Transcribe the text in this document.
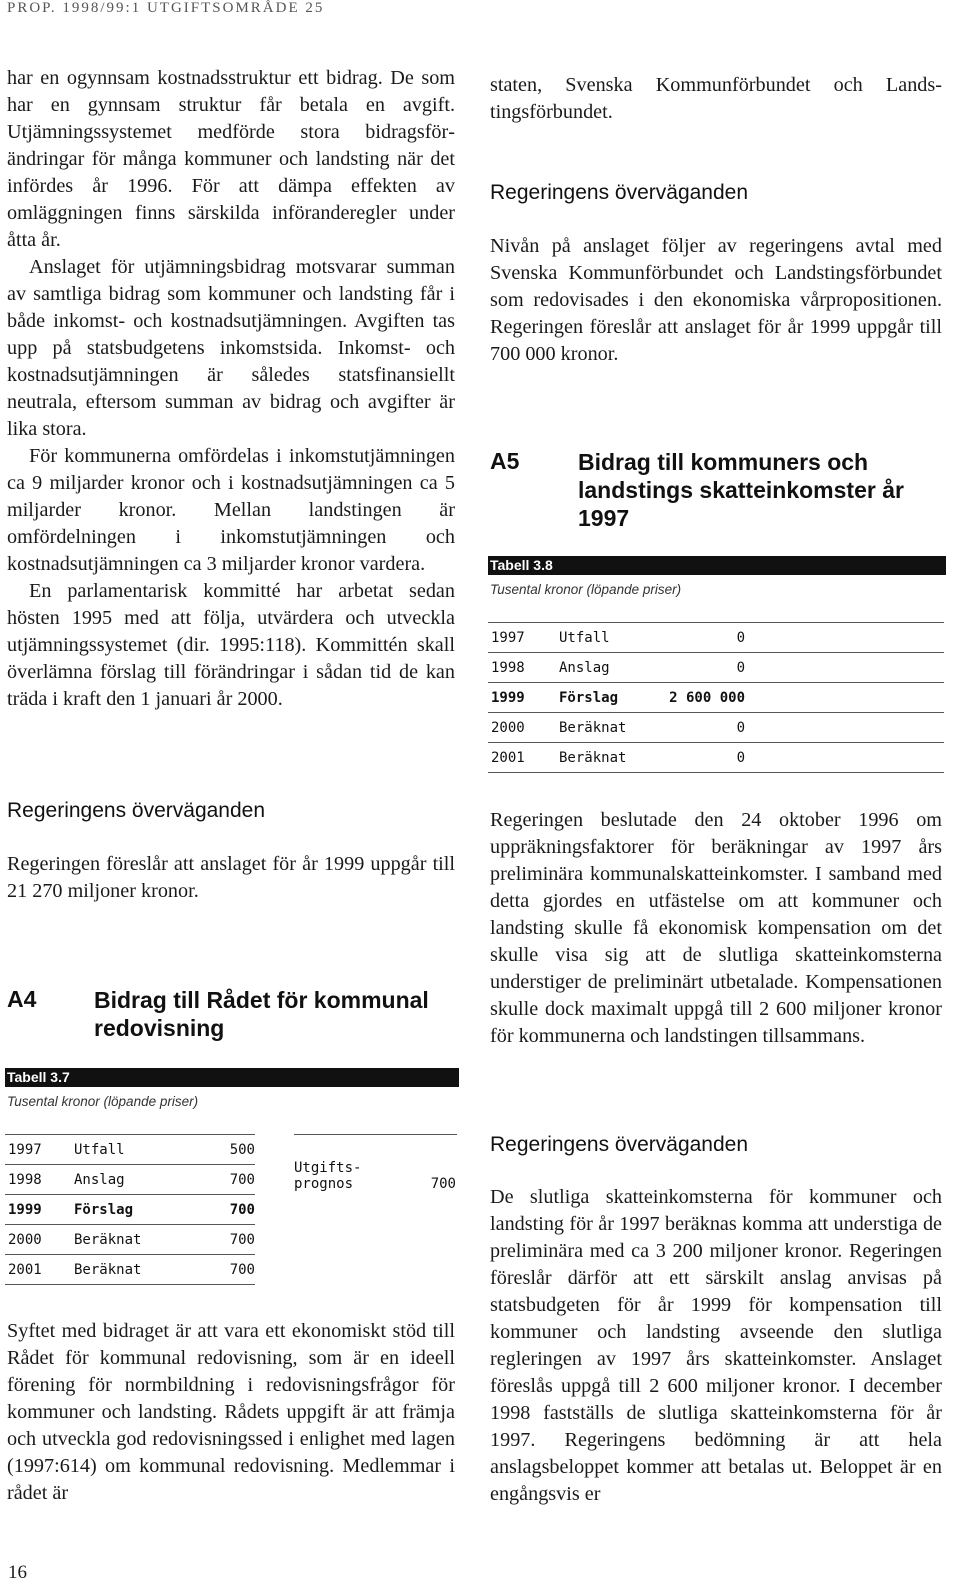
PROP. 1998/99:1 UTGIFTSOMRÅDE 25

har en ogynnsam kostnadsstruktur ett bidrag. De som har en gynnsam struktur får betala en avgift. Utjämningssystemet medförde stora bidragsförändringar för många kommuner och landsting när det infördes år 1996. För att dämpa effekten av omläggningen finns särskilda införanderegler under åtta år.

Anslaget för utjämningsbidrag motsvarar summan av samtliga bidrag som kommuner och landsting får i både inkomst- och kostnadsutjämningen. Avgiften tas upp på statsbudgetens inkomstsida. Inkomst- och kostnadsutjämningen är således statsfinansiellt neutrala, eftersom summan av bidrag och avgifter är lika stora.

För kommunerna omfördelas i inkomstutjämningen ca 9 miljarder kronor och i kostnadsutjämningen ca 5 miljarder kronor. Mellan landstingen är omfördelningen i inkomstutjämningen och kostnadsutjämningen ca 3 miljarder kronor vardera.

En parlamentarisk kommitté har arbetat sedan hösten 1995 med att följa, utvärdera och utveckla utjämningssystemet (dir. 1995:118). Kommittén skall överlämna förslag till förändringar i sådan tid de kan träda i kraft den 1 januari år 2000.

Regeringens överväganden

Regeringen föreslår att anslaget för år 1999 uppgår till 21 270 miljoner kronor.

A4	Bidrag till Rådet för kommunal redovisning
Tabell 3.7
Tusental kronor (löpande priser)
1997	Utfall	500
1998	Anslag	700
1999	Förslag	700
2000	Beräknat	700
2001	Beräknat	700
Utgifts-
prognos	700

Syftet med bidraget är att vara ett ekonomiskt stöd till Rådet för kommunal redovisning, som är en ideell förening för normbildning i redovisningsfrågor för kommuner och landsting. Rådets uppgift är att främja och utveckla god redovisningssed i enlighet med lagen (1997:614) om kommunal redovisning. Medlemmar i rådet är

staten, Svenska Kommunförbundet och Landstingsförbundet.

Regeringens överväganden

Nivån på anslaget följer av regeringens avtal med Svenska Kommunförbundet och Landstingsförbundet som redovisades i den ekonomiska vårpropositionen. Regeringen föreslår att anslaget för år 1999 uppgår till 700 000 kronor.

A5	Bidrag till kommuners och landstings skatteinkomster år 1997
Tabell 3.8
Tusental kronor (löpande priser)
1997	Utfall	0	
1998	Anslag	0	
1999	Förslag	2 600 000	
2000	Beräknat	0	
2001	Beräknat	0	

Regeringen beslutade den 24 oktober 1996 om uppräkningsfaktorer för beräkningar av 1997 års preliminära kommunalskatteinkomster. I samband med detta gjordes en utfästelse om att kommuner och landsting skulle få ekonomisk kompensation om det skulle visa sig att de slutliga skatteinkomsterna understiger de preliminärt utbetalade. Kompensationen skulle dock maximalt uppgå till 2 600 miljoner kronor för kommunerna och landstingen tillsammans.

Regeringens överväganden

De slutliga skatteinkomsterna för kommuner och landsting för år 1997 beräknas komma att understiga de preliminära med ca 3 200 miljoner kronor. Regeringen föreslår därför att ett särskilt anslag anvisas på statsbudgeten för år 1999 för kompensation till kommuner och landsting avseende den slutliga regleringen av 1997 års skatteinkomster. Anslaget föreslås uppgå till 2 600 miljoner kronor. I december 1998 fastställs de slutliga skatteinkomsterna för år 1997. Regeringens bedömning är att hela anslagsbeloppet kommer att betalas ut. Beloppet är en engångsvis er

16
